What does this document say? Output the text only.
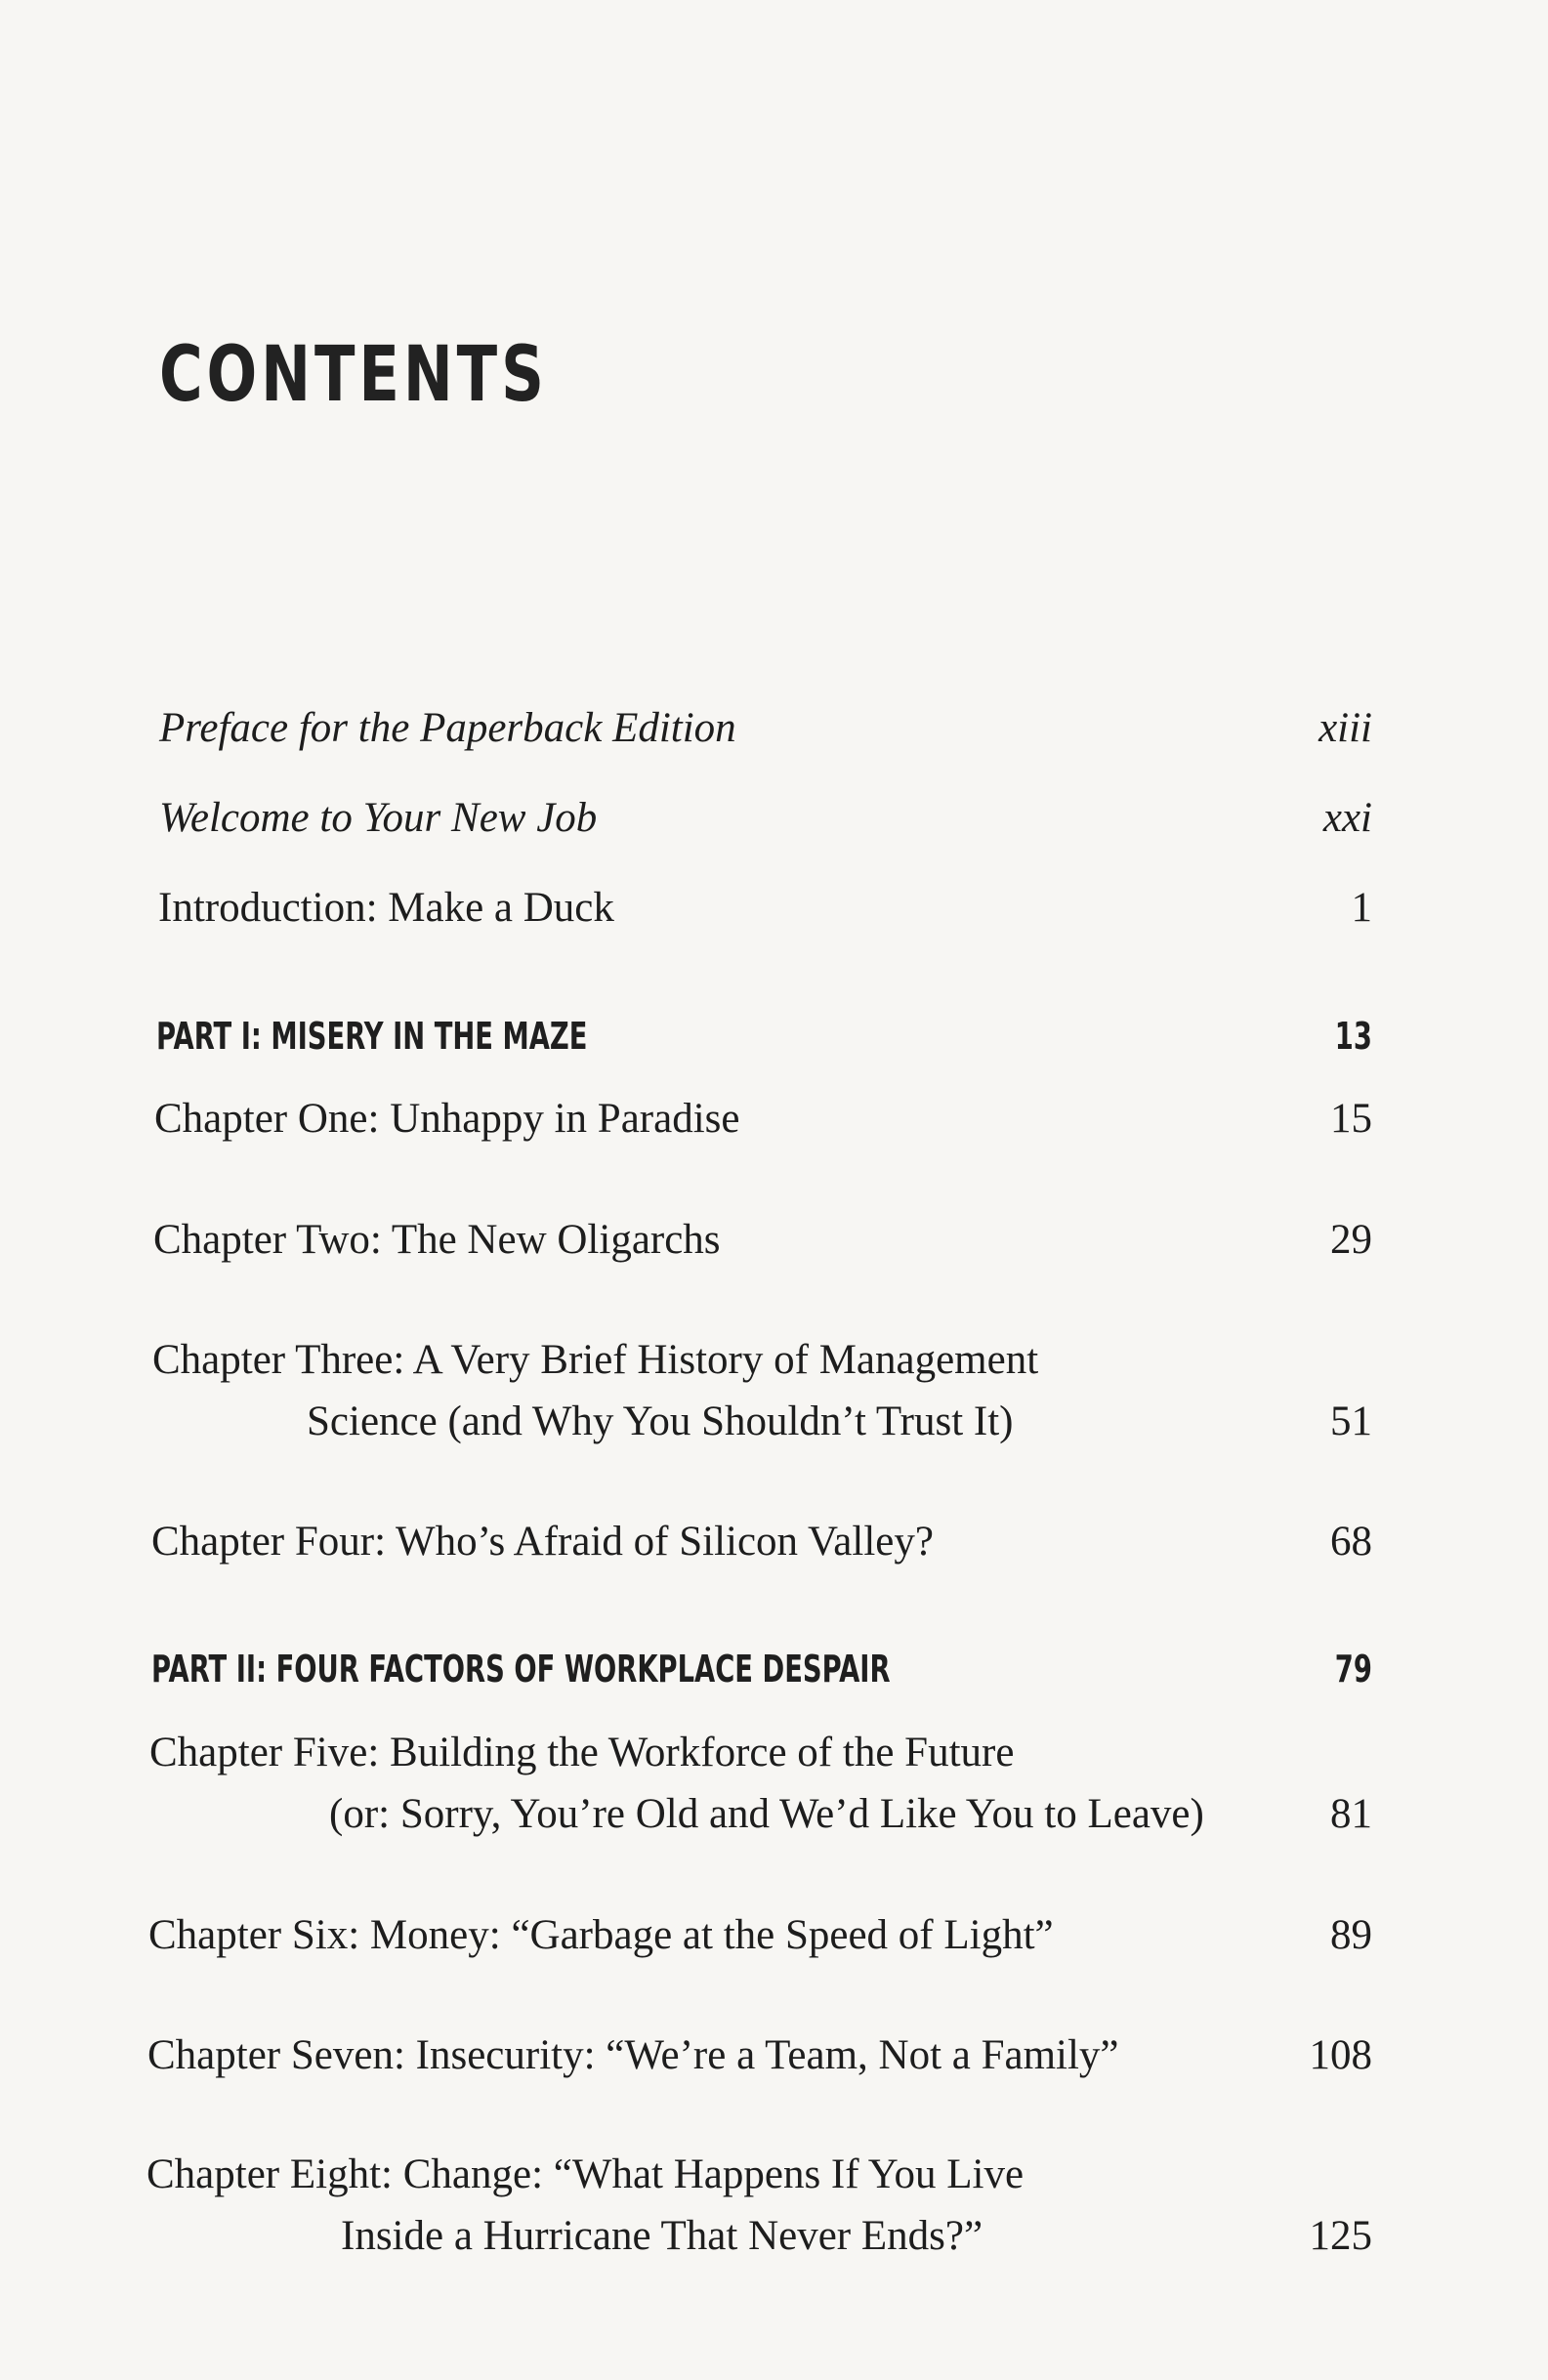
CONTENTS
Preface for the Paperback Edition	xiii
Welcome to Your New Job	xxi
Introduction: Make a Duck	1
PART I: MISERY IN THE MAZE	13
Chapter One: Unhappy in Paradise	15
Chapter Two: The New Oligarchs	29
Chapter Three: A Very Brief History of Management
Science (and Why You Shouldn’t Trust It)	51
Chapter Four: Who’s Afraid of Silicon Valley?	68
PART II: FOUR FACTORS OF WORKPLACE DESPAIR	79
Chapter Five: Building the Workforce of the Future
(or: Sorry, You’re Old and We’d Like You to Leave)	81
Chapter Six: Money: “Garbage at the Speed of Light”	89
Chapter Seven: Insecurity: “We’re a Team, Not a Family”	108
Chapter Eight: Change: “What Happens If You Live
Inside a Hurricane That Never Ends?”	125
